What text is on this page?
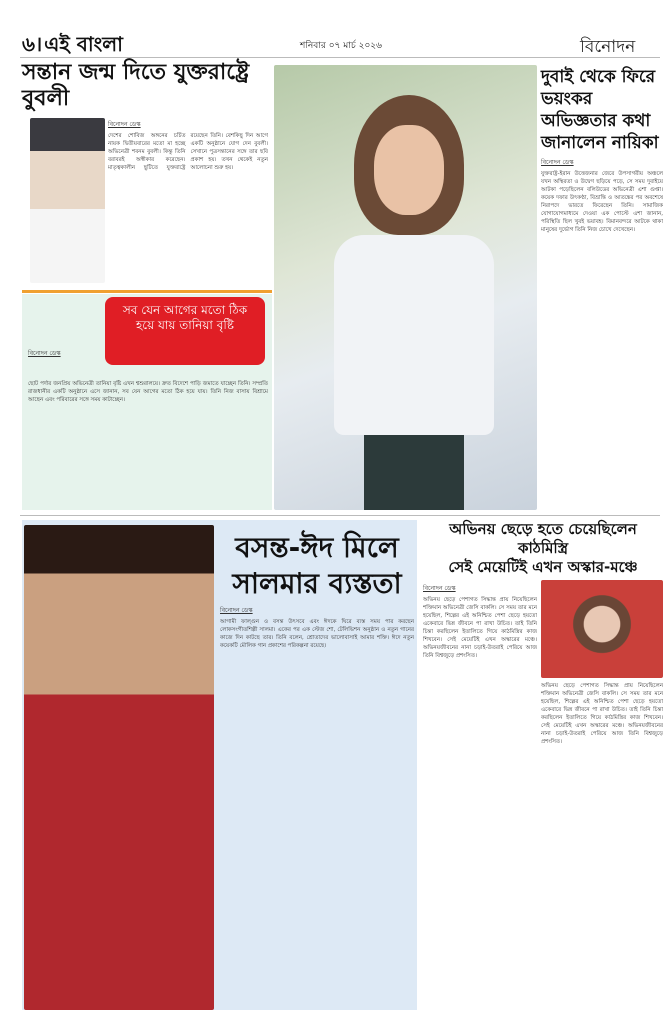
৬। এই বাংলা	শনিবার ০৭ মার্চ ২০২৬	বিনোদন
সন্তান জন্ম দিতে যুক্তরাষ্ট্রে বুবলী
বিনোদন ডেস্ক
দেশের শোবিজ অঙ্গনের চর্চিত নায়ক দ্বিতীয়বারের মতো মা হচ্ছে অভিনেত্রী শবনম বুবলী। কিন্তু তিনি বরাবরই অস্বীকার করেছেন। মাতৃত্বকালীন ছুটিতে যুক্তরাষ্ট্রে রয়েছেন তিনি। বেশকিছু দিন আগে একটি অনুষ্ঠানে যোগ দেন বুবলী। সেখানে পুত্রসন্তানের সঙ্গে তার ছবি প্রকাশ হয়। তখন থেকেই নতুন আলোচনা শুরু হয়।
সব যেন আগের মতো ঠিক হয়ে যায় তানিয়া বৃষ্টি
বিনোদন ডেস্ক
ছোট পর্দার জনপ্রিয় অভিনেত্রী তানিয়া বৃষ্টি এখন শ্বশুরালয়ে। দ্রুত বিদেশে পাড়ি জমাতে যাচ্ছেন তিনি। সম্প্রতি রাজধানীর একটি অনুষ্ঠানে এসে জানান, সব যেন আগের মতো ঠিক হয়ে যায়। তিনি নিজ বাসায় বিশ্রামে আছেন এবং পরিবারের সঙ্গে সময় কাটাচ্ছেন।
দুবাই থেকে ফিরে ভয়ংকর অভিজ্ঞতার কথা জানালেন নায়িকা
বিনোদন ডেস্ক
যুক্তরাষ্ট্র-ইরান উত্তেজনার জেরে উপসাগরীয় অঞ্চলে যখন অস্থিরতা ও উদ্বেগ ছড়িয়ে পড়ে, সে সময় দুবাইয়ে আটকা পড়েছিলেন বলিউডের অভিনেত্রী এশা গুপ্তা। কয়েক দফার উৎকণ্ঠা, বিভ্রান্তি ও আতঙ্কের পর অবশেষে নিরাপদে ভারতে ফিরেছেন তিনি। সামাজিক যোগাযোগমাধ্যমে দেওয়া এক পোস্টে এশা জানান, পরিস্থিতি ছিল খুবই ভয়াবহ। বিমানবন্দরে আটকে থাকা মানুষের দুর্ভোগ তিনি নিজ চোখে দেখেছেন।
বসন্ত-ঈদ মিলে সালমার ব্যস্ততা
বিনোদন ডেস্ক
আগামী ফাল্গুন ও বসন্ত উৎসবে এবং ঈদকে ঘিরে ব্যস্ত সময় পার করছেন লোকসংগীতশিল্পী সালমা। একের পর এক স্টেজ শো, টেলিভিশন অনুষ্ঠান ও নতুন গানের কাজে দিন কাটছে তার। তিনি বলেন, শ্রোতাদের ভালোবাসাই আমার শক্তি। ঈদে নতুন কয়েকটি মৌলিক গান প্রকাশের পরিকল্পনা রয়েছে।
অভিনয় ছেড়ে হতে চেয়েছিলেন কাঠমিস্ত্রি
সেই মেয়েটিই এখন অস্কার-মঞ্চে
বিনোদন ডেস্ক
অভিনয় ছেড়ে পেশাগত সিদ্ধান্ত প্রায় নিয়েছিলেন শক্তিমান অভিনেত্রী জেসি বাকলি। সে সময় তার মনে হয়েছিল, শিল্পের এই অনিশ্চিত পেশা ছেড়ে হয়তো একেবারে ভিন্ন জীবনে পা রাখা উচিত। তাই তিনি চিন্তা করছিলেন ইতালিতে গিয়ে কাঠমিস্ত্রির কাজ শিখবেন। সেই মেয়েটিই এখন অস্কারের মঞ্চে। অভিনয়জীবনের নানা চড়াই-উতরাই পেরিয়ে আজ তিনি বিশ্বজুড়ে প্রশংসিত।
অভিনয় ছেড়ে পেশাগত সিদ্ধান্ত প্রায় নিয়েছিলেন শক্তিমান অভিনেত্রী জেসি বাকলি। সে সময় তার মনে হয়েছিল, শিল্পের এই অনিশ্চিত পেশা ছেড়ে হয়তো একেবারে ভিন্ন জীবনে পা রাখা উচিত। তাই তিনি চিন্তা করছিলেন ইতালিতে গিয়ে কাঠমিস্ত্রির কাজ শিখবেন। সেই মেয়েটিই এখন অস্কারের মঞ্চে। অভিনয়জীবনের নানা চড়াই-উতরাই পেরিয়ে আজ তিনি বিশ্বজুড়ে প্রশংসিত।
